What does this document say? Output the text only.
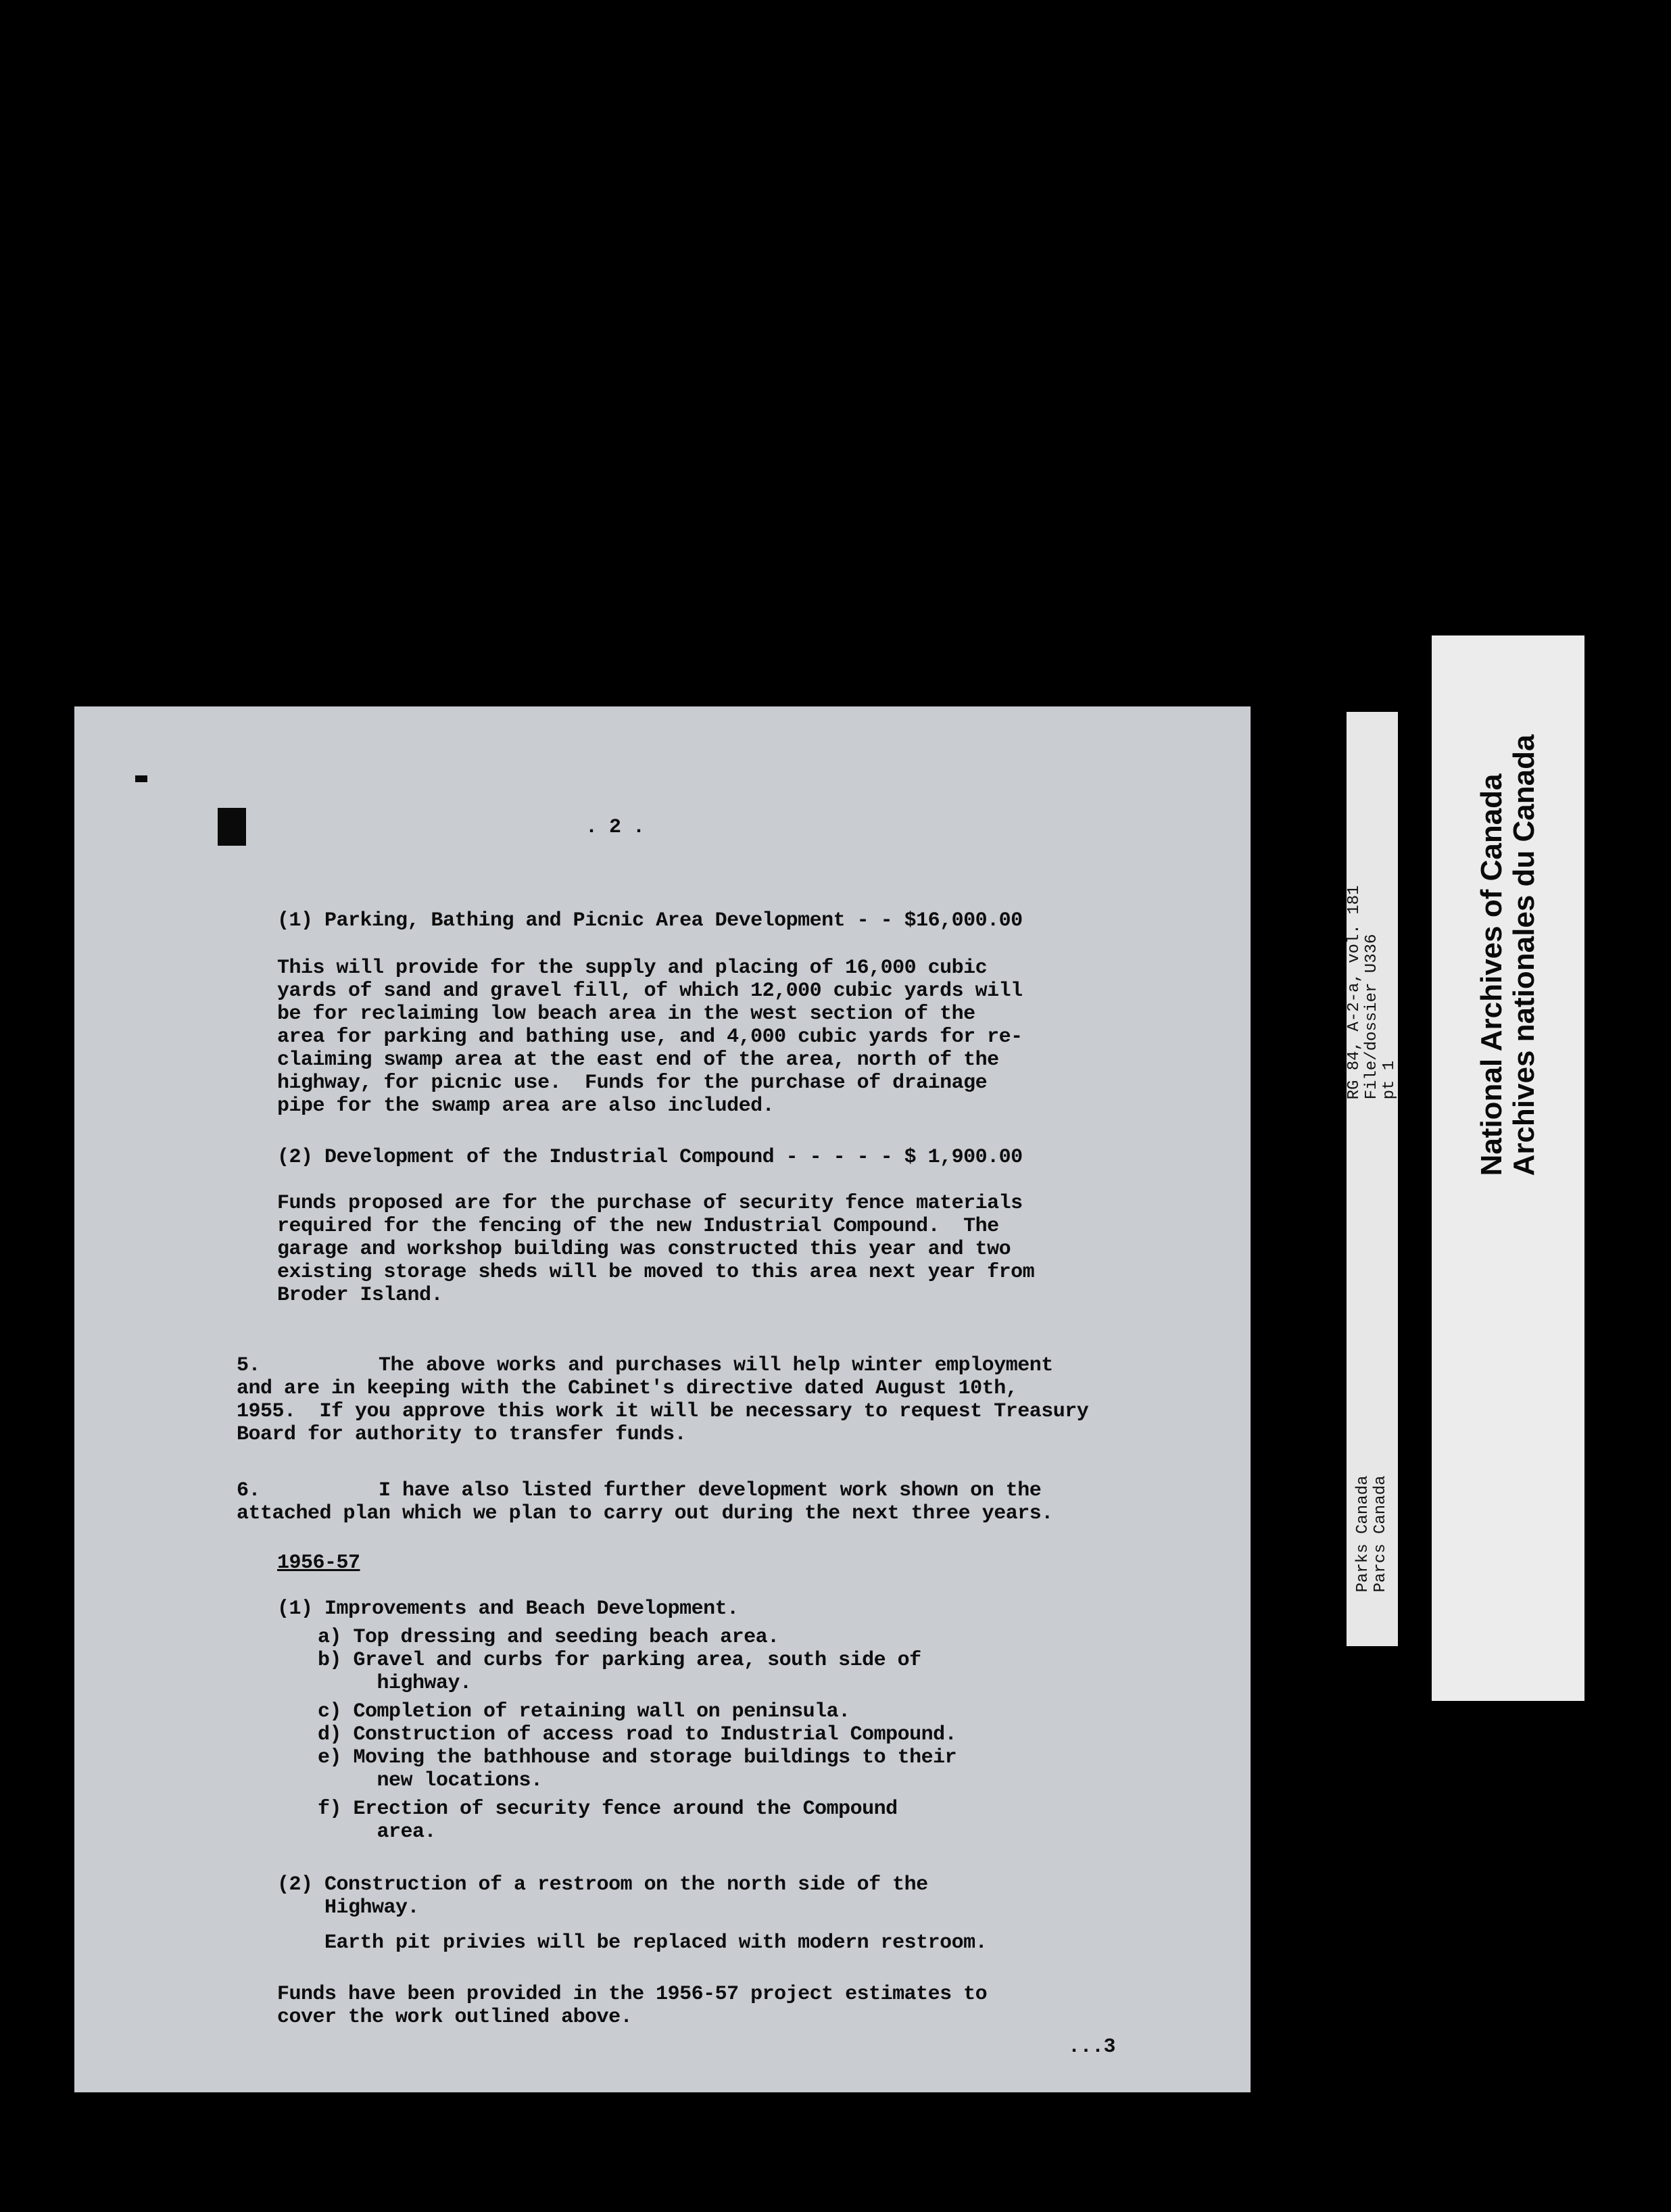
. 2 .
(1) Parking, Bathing and Picnic Area Development - - $16,000.00
This will provide for the supply and placing of 16,000 cubic
yards of sand and gravel fill, of which 12,000 cubic yards will
be for reclaiming low beach area in the west section of the
area for parking and bathing use, and 4,000 cubic yards for re-
claiming swamp area at the east end of the area, north of the
highway, for picnic use.  Funds for the purchase of drainage
pipe for the swamp area are also included.
(2) Development of the Industrial Compound - - - - - $ 1,900.00
Funds proposed are for the purchase of security fence materials
required for the fencing of the new Industrial Compound.  The
garage and workshop building was constructed this year and two
existing storage sheds will be moved to this area next year from
Broder Island.
5.          The above works and purchases will help winter employment
and are in keeping with the Cabinet's directive dated August 10th,
1955.  If you approve this work it will be necessary to request Treasury
Board for authority to transfer funds.
6.          I have also listed further development work shown on the
attached plan which we plan to carry out during the next three years.
1956-57
(1) Improvements and Beach Development.
a) Top dressing and seeding beach area.
b) Gravel and curbs for parking area, south side of
highway.
c) Completion of retaining wall on peninsula.
d) Construction of access road to Industrial Compound.
e) Moving the bathhouse and storage buildings to their
new locations.
f) Erection of security fence around the Compound
area.
(2) Construction of a restroom on the north side of the
Highway.
Earth pit privies will be replaced with modern restroom.
Funds have been provided in the 1956-57 project estimates to
cover the work outlined above.
...3
RG 84, A-2-a, vol. 181
File/dossier U336
pt 1
Parks Canada
Parcs Canada
National Archives of Canada
Archives nationales du Canada
